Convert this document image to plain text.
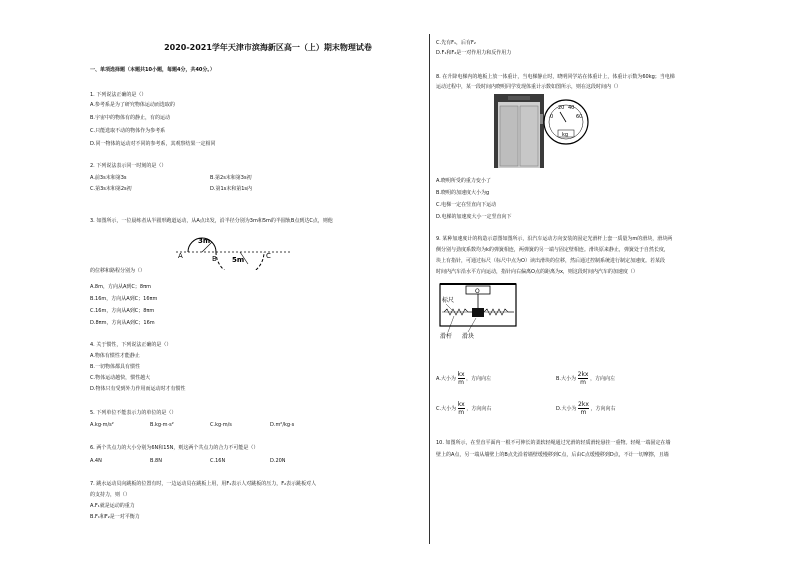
2020-2021学年天津市滨海新区高一（上）期末物理试卷
一、单项选择题（本题共10小题，每题4分，共40分。）
1. 下列说法正确的是（）
A.参考系是为了研究物体运动而选取的
B.宇宙中的物体有的静止，有的运动
C.只能选取不动的物体作为参考系
D.同一物体的运动对不同的参考系，其观察结果一定相同
2. 下列说法表示同一时刻的是（）
A.前3s末和第3s	B.第2s末和第3s初
C.第3s末和第2s初	D.第1s末和第1s内
3. 如图所示，一位晨练者从半圆形跑道运动，从A点出发，沿半径分别为3m和5m的半圆轨B点到达C点，则他
A	B	C
3m
5m
的位移和路程分别为（）
A.8m，方向从A到C；8πm
B.16m，方向从A到C；16πm
C.16m，方向从A到C；8πm
D.8πm，方向从A到C；16m
4. 关于惯性，下列说法正确的是（）
A.物体有惯性才能静止
B.一切物体都具有惯性
C.物体运动越快，惯性越大
D.物体只有受到外力作用而运动时才有惯性
5. 下列单位不能表示力的单位的是（）
A.kg·m/s²	B.kg·m·s²	C.kg·m/s	D.m²/kg·s
6. 两个共点力的大小分别为6N和15N，则这两个共点力的合力不可能是（）
A.4N	B.8N	C.16N	D.20N
7. 跳水运动员向跳板的位置有时，一边运动员在跳板上用，用F₁表示人对跳板的压力，F₂表示跳板对人
的支持力，则（）
A.F₁就是运动的重力
B.F₁和F₂是一对平衡力
C.先有F₁，后有F₂
D.F₁和F₂是一对作用力和反作用力
8. 在升降电梯内的地板上放一体重计，当电梯静止时，晓明同学站在体重计上，体重计示数为60kg；当电梯
运动过程中，某一段时间内晓明同学发现体重计示数如图所示，则在这段时间内（）
20 40
0	60
kg
A.晓明所受的重力变小了
B.晓明的加速度大小为g
C.电梯一定在竖直向下运动
D.电梯的加速度大小一定竖直向下
9. 某种加速度计的构造示意图如图所示，沿汽车运动方向安装的固定光滑杆上套一质量为m的滑块，滑块两
侧分别与劲度系数均为k的弹簧相连，两弹簧的另一端与固定壁相连。滑块原来静止，弹簧处于自然长度，
块上有指针，可通过标尺（标尺中点为O）读出滑块的位移，然后通过控制系统进行制定加速度。若某段
时间内汽车沿水平方向运动，指针向右偏离O点的距离为x，则这段时间内汽车的加速度（）
O
标尺
滑杆 滑块
A.大小为 $\frac{kx}{m}$ ，方向向左	B.大小为 $\frac{2kx}{m}$ ，方向向左
C.大小为 $\frac{kx}{m}$ ，方向向右	D.大小为 $\frac{2kx}{m}$ ，方向向右
10. 如图所示，在竖直平面内一根不可伸长的柔软轻绳通过光滑的轻质滑轮悬挂一重物。轻绳一端固定在墙
壁上的A点，另一端从墙壁上的B点先沿着墙壁缓慢移到C点，后由C点缓慢移到D点，不计一切摩擦，且墙
